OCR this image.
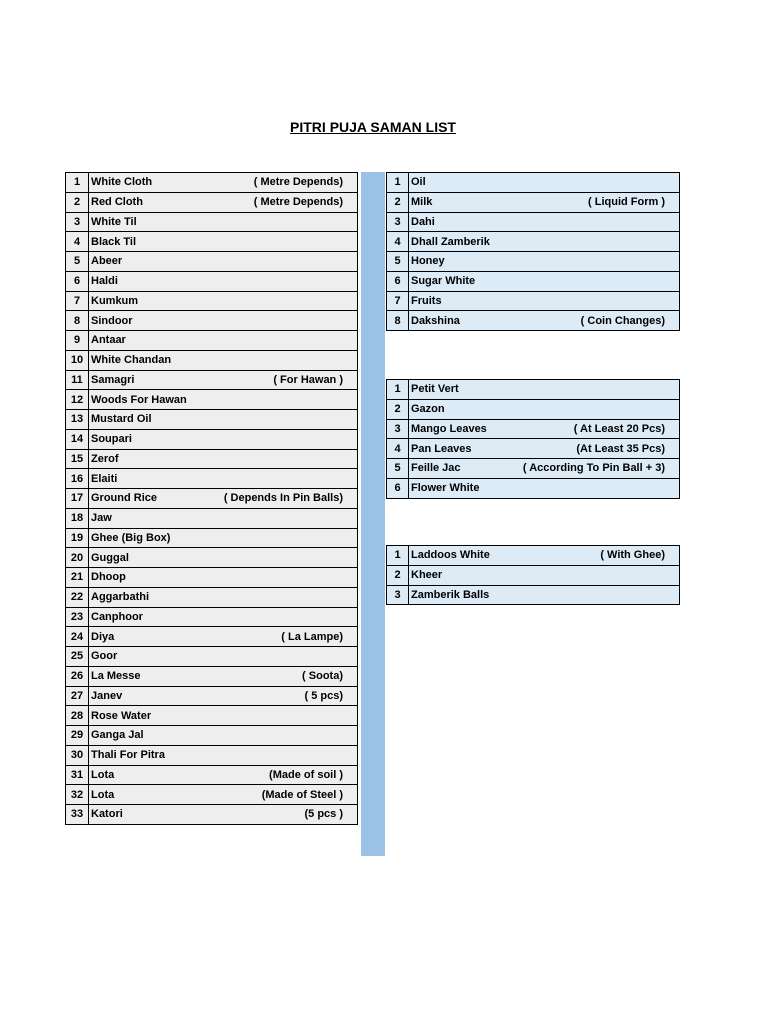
PITRI PUJA SAMAN LIST
1	White Cloth ( Metre Depends)

2	Red Cloth ( Metre Depends)

3	White Til
4	Black Til
5	Abeer
6	Haldi
7	Kumkum
8	Sindoor
9	Antaar
10	White Chandan
11	Samagri ( For Hawan )

12	Woods For Hawan
13	Mustard Oil
14	Soupari
15	Zerof
16	Elaiti
17	Ground Rice ( Depends In Pin Balls)

18	Jaw
19	Ghee (Big Box)
20	Guggal
21	Dhoop
22	Aggarbathi
23	Canphoor
24	Diya ( La Lampe)

25	Goor
26	La Messe ( Soota)

27	Janev ( 5 pcs)

28	Rose Water
29	Ganga Jal
30	Thali For Pitra
31	Lota (Made of soil )

32	Lota (Made of Steel )

33	Katori (5 pcs )
1	Oil
2	Milk ( Liquid Form )

3	Dahi
4	Dhall Zamberik
5	Honey
6	Sugar White
7	Fruits
8	Dakshina ( Coin Changes)
1	Petit Vert
2	Gazon
3	Mango Leaves ( At Least 20 Pcs)

4	Pan Leaves (At Least 35 Pcs)

5	Feille Jac ( According To Pin Ball + 3)

6	Flower White
1	Laddoos White ( With Ghee)

2	Kheer
3	Zamberik Balls
